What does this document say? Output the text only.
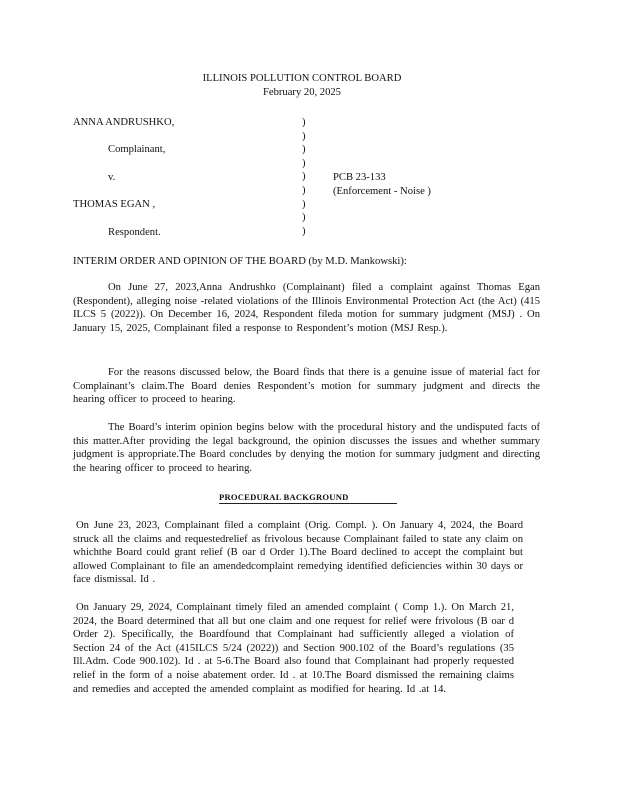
ILLINOIS POLLUTION CONTROL BOARD
February 20, 2025
ANNA ANDRUSHKO,
Complainant,
v.
THOMAS EGAN ,
Respondent.
)
)
)
)
)
)
)
)
)
PCB 23-133
(Enforcement - Noise )
INTERIM ORDER AND OPINION OF THE BOARD (by M.D. Mankowski):
On June 27, 2023,Anna Andrushko (Complainant) filed a complaint against Thomas Egan (Respondent), alleging noise -related violations of the Illinois Environmental Protection Act (the Act) (415 ILCS 5 (2022)). On December 16, 2024, Respondent fileda motion for summary judgment (MSJ) . On January 15, 2025, Complainant filed a response to Respondent’s motion (MSJ Resp.).
For the reasons discussed below, the Board finds that there is a genuine issue of material fact for Complainant’s claim.The Board denies Respondent’s motion for summary judgment and directs the hearing officer to proceed to hearing.
The Board’s interim opinion begins below with the procedural history and the undisputed facts of this matter.After providing the legal background, the opinion discusses the issues and whether summary judgment is appropriate.The Board concludes by denying the motion for summary judgment and directing the hearing officer to proceed to hearing.
PROCEDURAL BACKGROUND
On June 23, 2023, Complainant filed a complaint (Orig. Compl. ). On January 4, 2024, the Board struck all the claims and requestedrelief as frivolous because Complainant failed to state any claim on whichthe Board could grant relief (B oar d Order 1).The Board declined to accept the complaint but allowed Complainant to file an amendedcomplaint remedying identified deficiencies within 30 days or face dismissal. Id .
On January 29, 2024, Complainant timely filed an amended complaint ( Comp 1.). On March 21, 2024, the Board determined that all but one claim and one request for relief were frivolous (B oar d Order 2). Specifically, the Boardfound that Complainant had sufficiently alleged a violation of Section 24 of the Act (415ILCS 5/24 (2022)) and Section 900.102 of the Board’s regulations (35 Ill.Adm. Code 900.102). Id . at 5-6.The Board also found that Complainant had properly requested relief in the form of a noise abatement order. Id . at 10.The Board dismissed the remaining claims and remedies and accepted the amended complaint as modified for hearing. Id .at 14.
